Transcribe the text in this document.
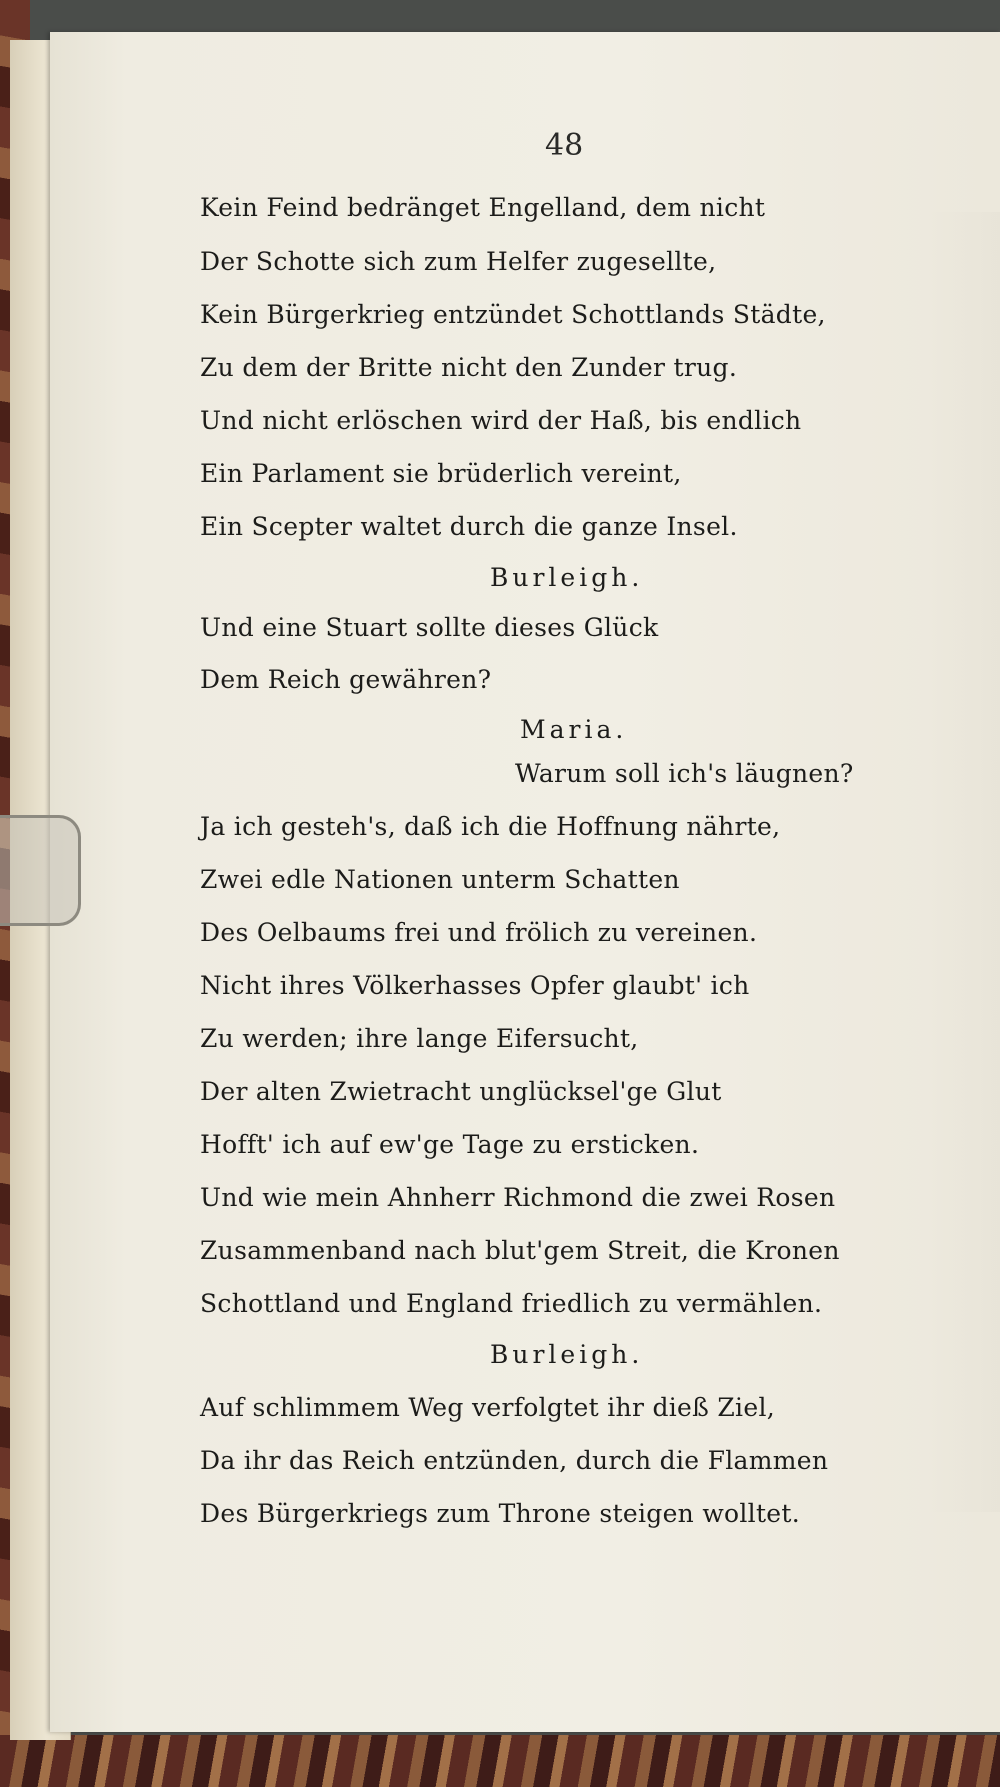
48
Kein Feind bedränget Engelland, dem nicht
Der Schotte sich zum Helfer zugesellte,
Kein Bürgerkrieg entzündet Schottlands Städte,
Zu dem der Britte nicht den Zunder trug.
Und nicht erlöschen wird der Haß, bis endlich
Ein Parlament sie brüderlich vereint,
Ein Scepter waltet durch die ganze Insel.
Burleigh.
Und eine Stuart sollte dieses Glück
Dem Reich gewähren?
Maria.
Warum soll ich's läugnen?
Ja ich gesteh's, daß ich die Hoffnung nährte,
Zwei edle Nationen unterm Schatten
Des Oelbaums frei und frölich zu vereinen.
Nicht ihres Völkerhasses Opfer glaubt' ich
Zu werden; ihre lange Eifersucht,
Der alten Zwietracht unglücksel'ge Glut
Hofft' ich auf ew'ge Tage zu ersticken.
Und wie mein Ahnherr Richmond die zwei Rosen
Zusammenband nach blut'gem Streit, die Kronen
Schottland und England friedlich zu vermählen.
Burleigh.
Auf schlimmem Weg verfolgtet ihr dieß Ziel,
Da ihr das Reich entzünden, durch die Flammen
Des Bürgerkriegs zum Throne steigen wolltet.
